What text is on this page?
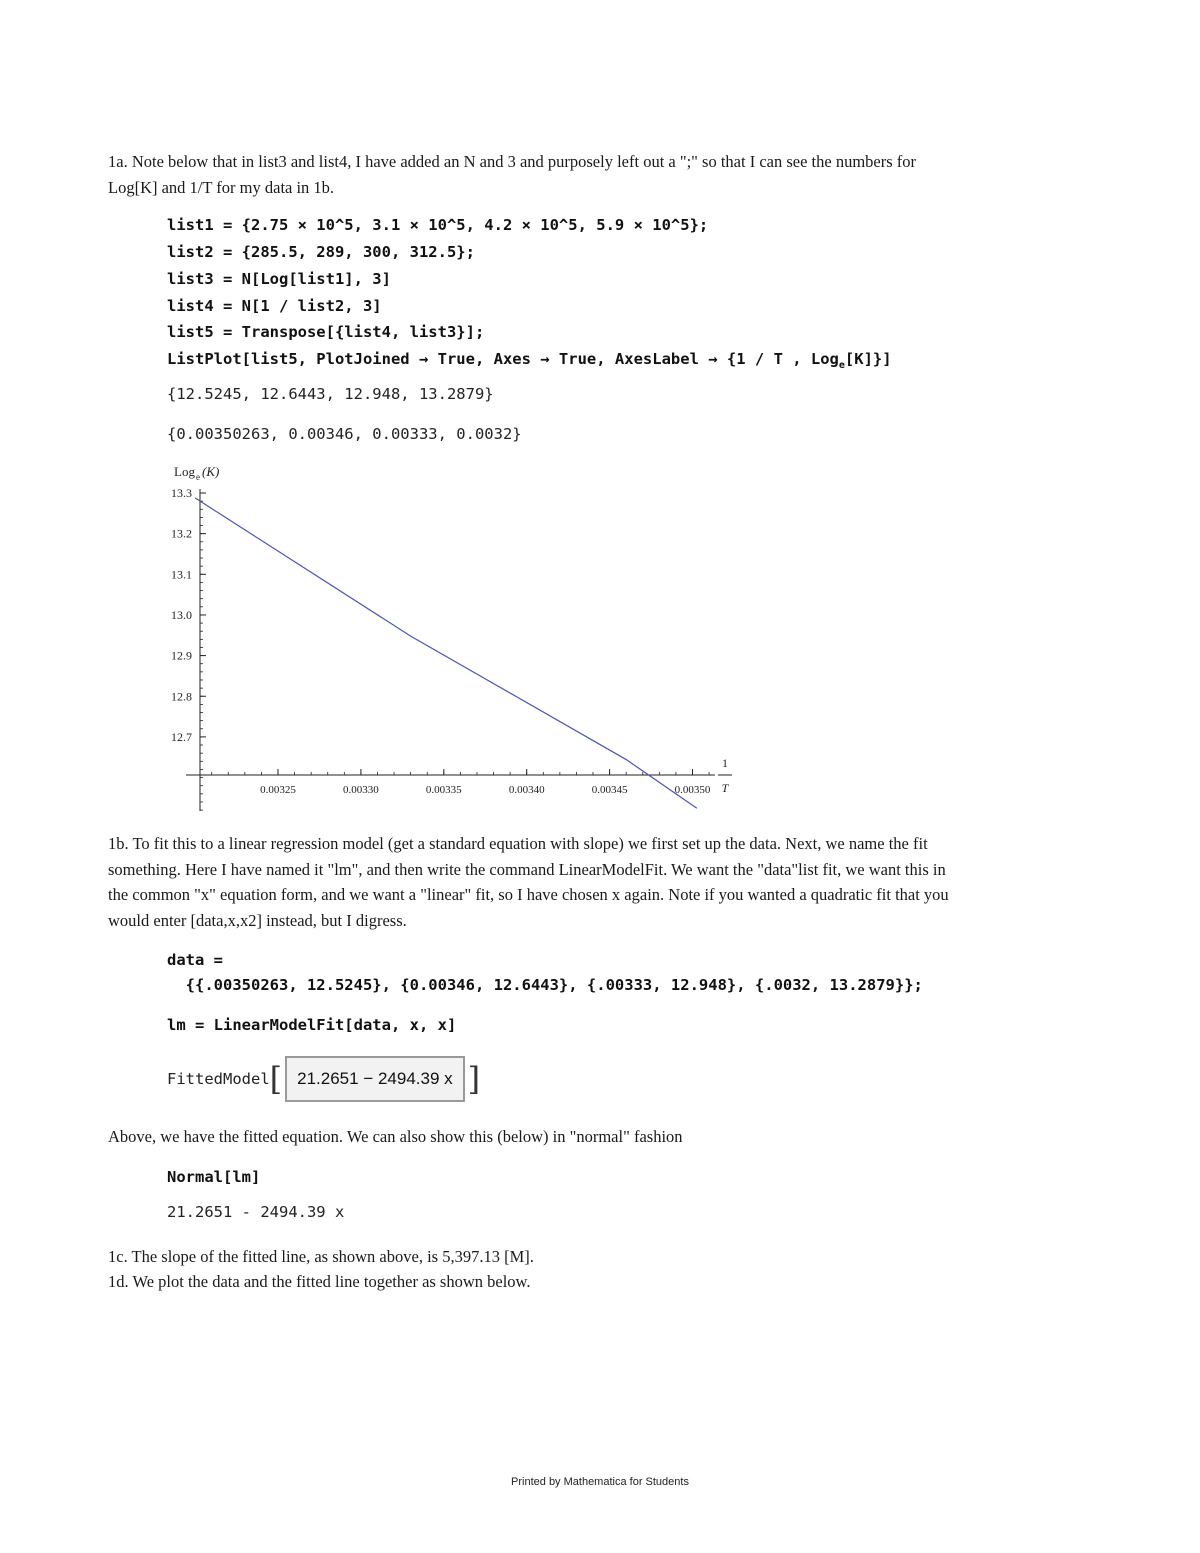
1a. Note below that in list3 and list4, I have added an N and 3 and purposely left out a ";" so that I can see the numbers for
Log[K] and 1/T for my data in 1b.
list1 = {2.75 × 10^5, 3.1 × 10^5, 4.2 × 10^5, 5.9 × 10^5};
list2 = {285.5, 289, 300, 312.5};
list3 = N[Log[list1], 3]
list4 = N[1 / list2, 3]
list5 = Transpose[{list4, list3}];
ListPlot[list5, PlotJoined → True, Axes → True, AxesLabel → {1 / T , Log$_e$[K]}]
{12.5245, 12.6443, 12.948, 13.2879}
{0.00350263, 0.00346, 0.00333, 0.0032}
12.7
12.8
12.9
13.0
13.1
13.2
13.3
0.00325	0.00330	0.00335	0.00340	0.00345	0.00350
Log e (K)
1
T
1b. To fit this to a linear regression model (get a standard equation with slope) we first set up the data. Next, we name the fit
something. Here I have named it "lm", and then write the command LinearModelFit. We want the "data"list fit, we want this in
the common "x" equation form, and we want a "linear" fit, so I have chosen x again. Note if you wanted a quadratic fit that you
would enter [data,x,x2] instead, but I digress.
data =
{{.00350263, 12.5245}, {0.00346, 12.6443}, {.00333, 12.948}, {.0032, 13.2879}};
lm = LinearModelFit[data, x, x]
FittedModel [ 21.2651 − 2494.39 x ]
Above, we have the fitted equation. We can also show this (below) in "normal" fashion
Normal[lm]
21.2651 - 2494.39 x
1c. The slope of the fitted line, as shown above, is 5,397.13 [M].
1d. We plot the data and the fitted line together as shown below.
Printed by Mathematica for Students
